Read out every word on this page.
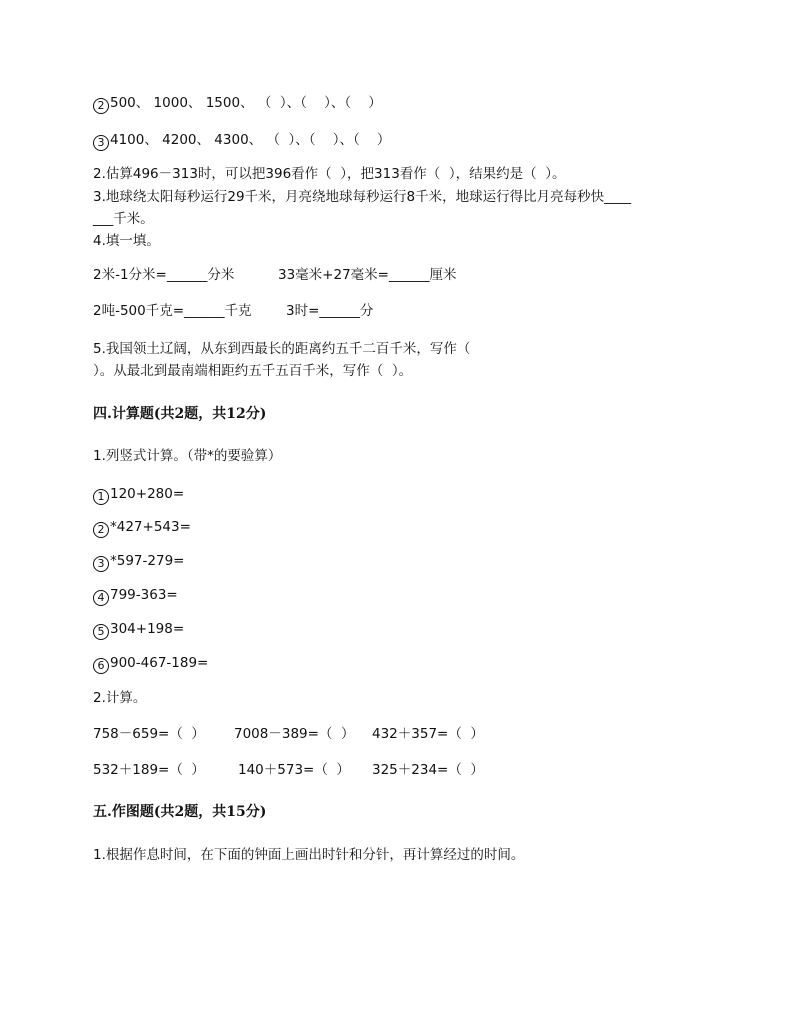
2 500、 1000、 1500、 （  ）、（    ）、（    ）
3 4100、 4200、 4300、 （  ）、（    ）、（    ）
2.估算496－313时，可以把396看作（  ），把313看作（  ），结果约是（  ）。
3.地球绕太阳每秒运行29千米，月亮绕地球每秒运行8千米，地球运行得比月亮每秒快____
___千米。
4.填一填。
2米-1分米=______分米	33毫米+27毫米=______厘米
2吨-500千克=______千克	3时=______分
5.我国领土辽阔，从东到西最长的距离约五千二百千米，写作（
）。从最北到最南端相距约五千五百千米，写作（  ）。
四.计算题(共2题，共12分)
1.列竖式计算。（带*的要验算）
1 120+280=
2 *427+543=
3 *597-279=
4 799-363=
5 304+198=
6 900-467-189=
2.计算。
758－659=（  ） 7008－389=（  ） 432＋357=（  ）
532＋189=（  ） 140＋573=（  ） 325＋234=（  ）
五.作图题(共2题，共15分)
1.根据作息时间，在下面的钟面上画出时针和分针，再计算经过的时间。
